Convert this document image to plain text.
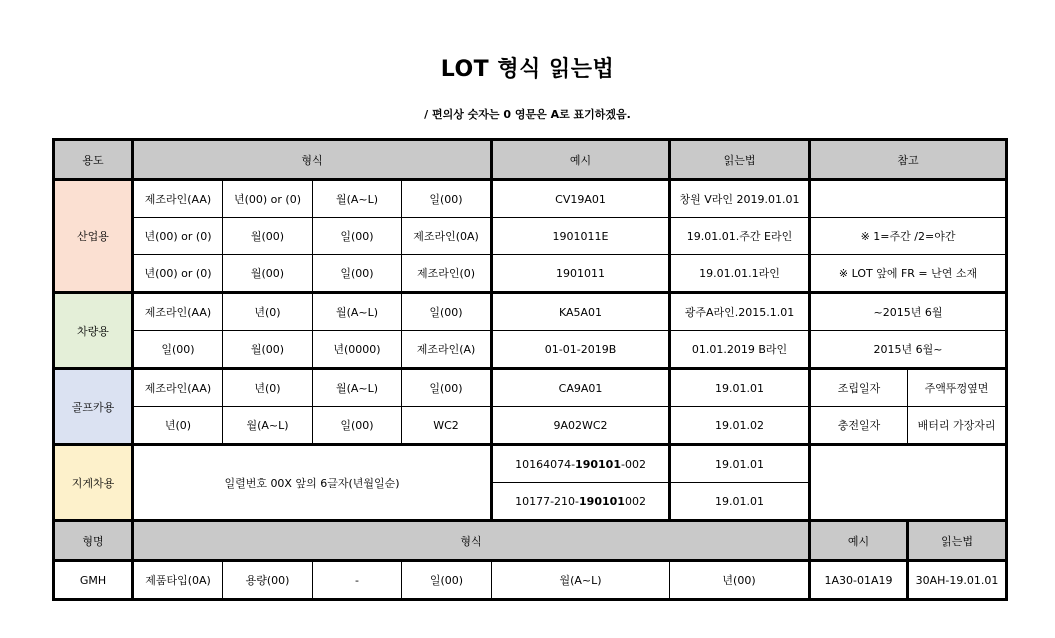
LOT 형식 읽는법
/ 편의상 숫자는 0 영문은 A로 표기하겠음.
용도	형식				예시	읽는법	참고	
산업용	제조라인(AA)	년(00) or (0)	월(A~L)	일(00)	CV19A01	창원 V라인 2019.01.01		
	년(00) or (0)	월(00)	일(00)	제조라인(0A)	1901011E	19.01.01.주간 E라인	※ 1=주간 /2=야간	
	년(00) or (0)	월(00)	일(00)	제조라인(0)	1901011	19.01.01.1라인	※ LOT 앞에 FR = 난연 소재	
차량용	제조라인(AA)	년(0)	월(A~L)	일(00)	KA5A01	광주A라인.2015.1.01	~2015년 6월	
	일(00)	월(00)	년(0000)	제조라인(A)	01-01-2019B	01.01.2019 B라인	2015년 6월~	
골프카용	제조라인(AA)	년(0)	월(A~L)	일(00)	CA9A01	19.01.01	조립일자	주액뚜껑옆면
	년(0)	월(A~L)	일(00)	WC2	9A02WC2	19.01.02	충전일자	배터리 가장자리
지게차용	일렬번호 00X 앞의 6글자(년월일순)				10164074-190101-002	19.01.01		
					10177-210-190101002	19.01.01		
형명	형식						예시	읽는법
GMH	제품타입(0A)	용량(00)	-	일(00)	월(A~L)	년(00)	1A30-01A19	30AH-19.01.01
